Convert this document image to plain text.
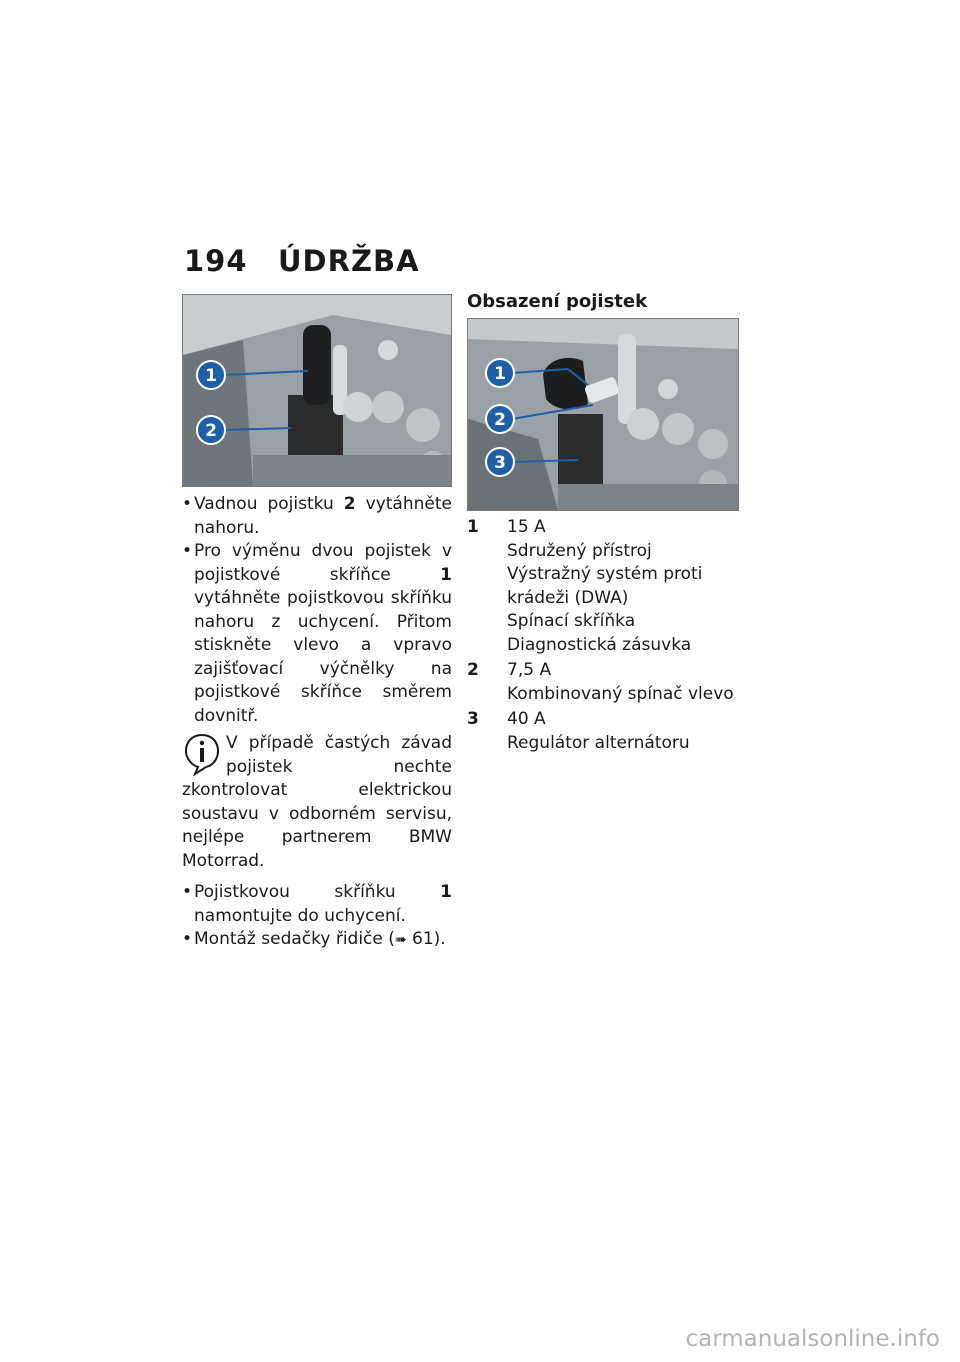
194 ÚDRŽBA
1
2
• Vadnou pojistku 2 vytáhněte nahoru.
• Pro výměnu dvou pojistek v pojistkové skříňce 1 vytáhněte pojistkovou skříňku nahoru z uchycení. Přitom stiskněte vlevo a vpravo zajišťovací výčnělky na pojistkové skříňce směrem dovnitř.
V případě častých závad pojistek nechte zkontrolovat elektrickou soustavu v odborném servisu, nejlépe partnerem BMW Motorrad.
• Pojistkovou skříňku 1 namontujte do uchycení.
• Montáž sedačky řidiče (➠ 61).
Obsazení pojistek
1
2
3
1	15 A
Sdružený přístroj
Výstražný systém proti
krádeži (DWA)
Spínací skříňka
Diagnostická zásuvka
2	7,5 A
Kombinovaný spínač vlevo
3	40 A
Regulátor alternátoru
carmanualsonline.info
